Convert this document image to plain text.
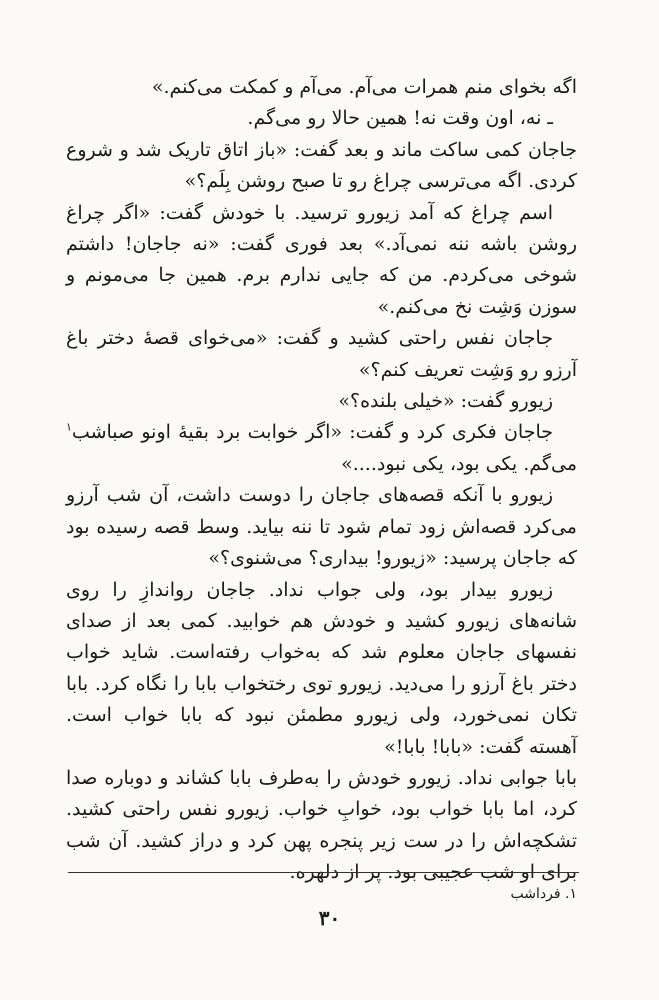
اگه بخوای منم همرات می‌آم. می‌آم و کمکت می‌کنم.»

ـ نه، اون وقت نه! همین حالا رو می‌گم.

جاجان کمی ساکت ماند و بعد گفت: «باز اتاق تاریک شد و شروع کردی. اگه می‌ترسی چراغ رو تا صبح روشن بِلَم؟»

اسم چراغ که آمد زیورو ترسید. با خودش گفت: «اگر چراغ روشن باشه ننه نمی‌آد.» بعد فوری گفت: «نه جاجان! داشتم شوخی می‌کردم. من که جایی ندارم برم. همین جا می‌مونم و سوزن وَشِت نخ می‌کنم.»

جاجان نفس راحتی کشید و گفت: «می‌خوای قصهٔ دختر باغ آرزو رو وَشِت تعریف کنم؟»

زیورو گفت: «خیلی بلنده؟»

جاجان فکری کرد و گفت: «اگر خوابت برد بقیهٔ اونو صباشب$^۱$ می‌گم. یکی بود، یکی نبود....»

زیورو با آنکه قصه‌های جاجان را دوست داشت، آن شب آرزو می‌کرد قصه‌اش زود تمام شود تا ننه بیاید. وسط قصه رسیده بود که جاجان پرسید: «زیورو! بیداری؟ می‌شنوی؟»

زیورو بیدار بود، ولی جواب نداد. جاجان رواندازِ را روی شانه‌های زیورو کشید و خودش هم خوابید. کمی بعد از صدای نفسهای جاجان معلوم شد که به‌خواب رفته‌است. شاید خواب دختر باغ آرزو را می‌دید. زیورو توی رختخواب بابا را نگاه کرد. بابا تکان نمی‌خورد، ولی زیورو مطمئن نبود که بابا خواب است. آهسته گفت: «بابا! بابا!»

بابا جوابی نداد. زیورو خودش را به‌طرف بابا کشاند و دوباره صدا کرد، اما بابا خواب بود، خوابِ خواب. زیورو نفس راحتی کشید. تشکچه‌اش را در ست زیر پنجره پهن کرد و دراز کشید. آن شب برای او شب عجیبی بود. پر از دلهره.

۱. فرداشب
۳۰
